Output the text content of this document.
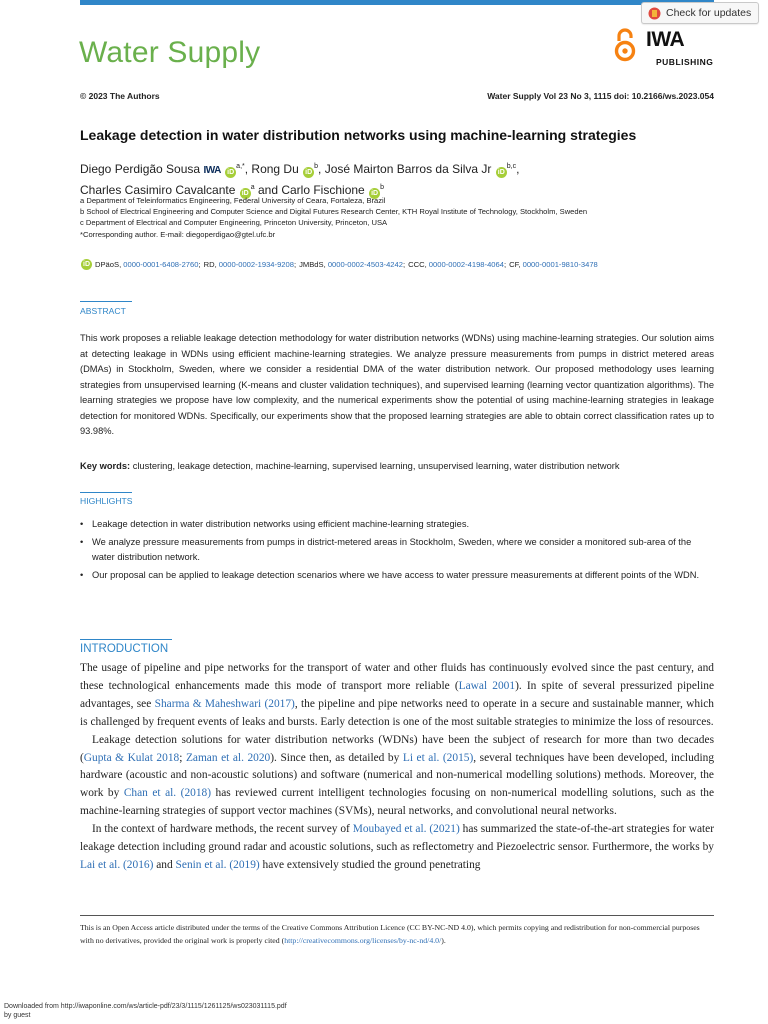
Check for updates
Water Supply	IWA
PUBLISHING
© 2023 The Authors	Water Supply Vol 23 No 3, 1115 doi: 10.2166/ws.2023.054
Leakage detection in water distribution networks using machine-learning strategies
Diego Perdigão Sousa IWA $iD^{a,*}$, Rong Du $iD^b$, José Mairton Barros da Silva Jr iD$^{b,c}$,
Charles Casimiro Cavalcante $iD^a$ and Carlo Fischione $iD^b$
a Department of Teleinformatics Engineering, Federal University of Ceara, Fortaleza, Brazil
b School of Electrical Engineering and Computer Science and Digital Futures Research Center, KTH Royal Institute of Technology, Stockholm, Sweden
c Department of Electrical and Computer Engineering, Princeton University, Princeton, USA
*Corresponding author. E-mail: diegoperdigao@gtel.ufc.br
iD DPäoS, 0000-0001-6408-2760; RD, 0000-0002-1934-9208; JMBdS, 0000-0002-4503-4242; CCC, 0000-0002-4198-4064; CF, 0000-0001-9810-3478
ABSTRACT
This work proposes a reliable leakage detection methodology for water distribution networks (WDNs) using machine-learning strategies. Our solution aims at detecting leakage in WDNs using efficient machine-learning strategies. We analyze pressure measurements from pumps in district metered areas (DMAs) in Stockholm, Sweden, where we consider a residential DMA of the water distribution network. Our proposed methodology uses learning strategies from unsupervised learning (K-means and cluster validation techniques), and supervised learning (learning vector quantization algorithms). The learning strategies we propose have low complexity, and the numerical experiments show the potential of using machine-learning strategies in leakage detection for monitored WDNs. Specifically, our experiments show that the proposed learning strategies are able to obtain correct classification rates up to 93.98%.
Key words: clustering, leakage detection, machine-learning, supervised learning, unsupervised learning, water distribution network
HIGHLIGHTS
• Leakage detection in water distribution networks using efficient machine-learning strategies.
• We analyze pressure measurements from pumps in district-metered areas in Stockholm, Sweden, where we consider a monitored sub-area of the water distribution network.
• Our proposal can be applied to leakage detection scenarios where we have access to water pressure measurements at different points of the WDN.
INTRODUCTION

The usage of pipeline and pipe networks for the transport of water and other fluids has continuously evolved since the past century, and these technological enhancements made this mode of transport more reliable (Lawal 2001). In spite of several pressurized pipeline advantages, see Sharma & Maheshwari (2017), the pipeline and pipe networks need to operate in a secure and sustainable manner, which is challenged by frequent events of leaks and bursts. Early detection is one of the most suitable strategies to minimize the loss of resources.

Leakage detection solutions for water distribution networks (WDNs) have been the subject of research for more than two decades (Gupta & Kulat 2018; Zaman et al. 2020). Since then, as detailed by Li et al. (2015), several techniques have been developed, including hardware (acoustic and non-acoustic solutions) and software (numerical and non-numerical modelling solutions) methods. Moreover, the work by Chan et al. (2018) has reviewed current intelligent technologies focusing on non-numerical modelling solutions, such as the machine-learning strategies of support vector machines (SVMs), neural networks, and convolutional neural networks.

In the context of hardware methods, the recent survey of Moubayed et al. (2021) has summarized the state-of-the-art strategies for water leakage detection including ground radar and acoustic solutions, such as reflectometry and Piezoelectric sensor. Furthermore, the works by Lai et al. (2016) and Senin et al. (2019) have extensively studied the ground penetrating

This is an Open Access article distributed under the terms of the Creative Commons Attribution Licence (CC BY-NC-ND 4.0), which permits copying and redistribution for non-commercial purposes with no derivatives, provided the original work is properly cited (http://creativecommons.org/licenses/by-nc-nd/4.0/).
Downloaded from http://iwaponline.com/ws/article-pdf/23/3/1115/1261125/ws023031115.pdf
by guest
